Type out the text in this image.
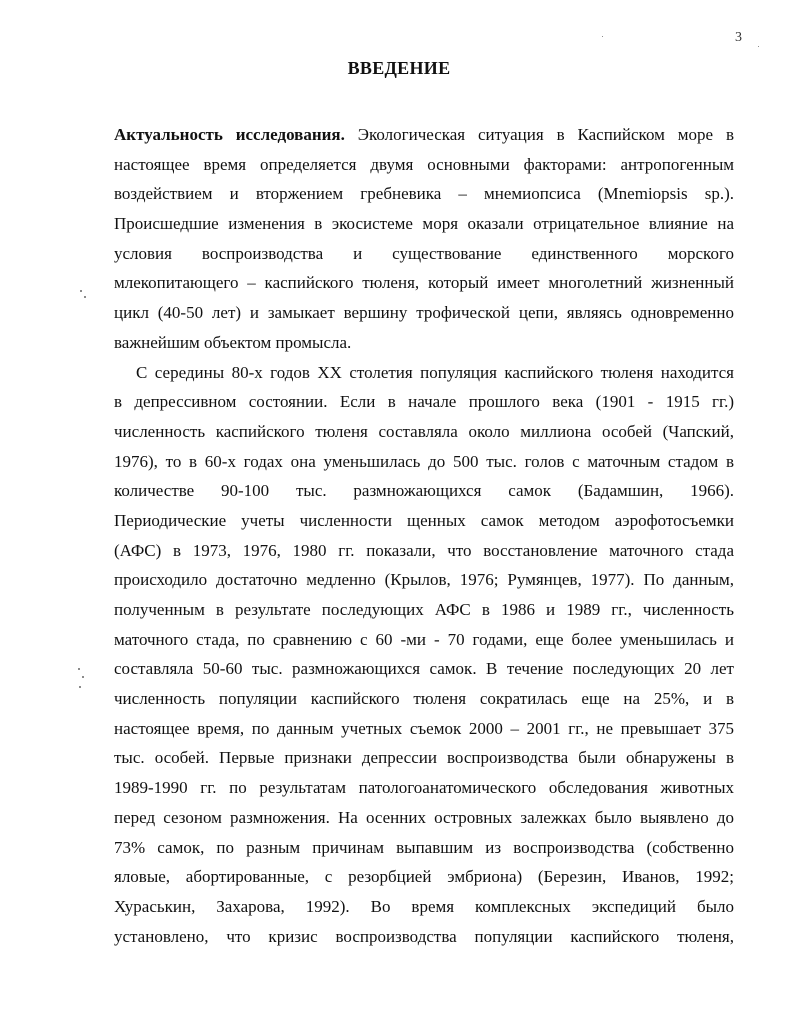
3
ВВЕДЕНИЕ
Актуальность исследования. Экологическая ситуация в Каспийском море в
настоящее время определяется двумя основными факторами: антропогенным
воздействием и вторжением гребневика – мнемиопсиса (Mnemiopsis sp.).
Происшедшие изменения в экосистеме моря оказали отрицательное влияние на
условия воспроизводства и существование единственного морского
млекопитающего – каспийского тюленя, который имеет многолетний жизненный
цикл (40-50 лет) и замыкает вершину трофической цепи, являясь одновременно
важнейшим объектом промысла.
С середины 80-х годов XX столетия популяция каспийского тюленя находится
в депрессивном состоянии. Если в начале прошлого века (1901 - 1915 гг.)
численность каспийского тюленя составляла около миллиона особей (Чапский,
1976), то в 60-х годах она уменьшилась до 500 тыс. голов с маточным стадом в
количестве 90-100 тыс. размножающихся самок (Бадамшин, 1966).
Периодические учеты численности щенных самок методом аэрофотосъемки
(АФС) в 1973, 1976, 1980 гг. показали, что восстановление маточного стада
происходило достаточно медленно (Крылов, 1976; Румянцев, 1977). По данным,
полученным в результате последующих АФС в 1986 и 1989 гг., численность
маточного стада, по сравнению с 60 -ми - 70 годами, еще более уменьшилась и
составляла 50-60 тыс. размножающихся самок. В течение последующих 20 лет
численность популяции каспийского тюленя сократилась еще на 25%, и в
настоящее время, по данным учетных съемок 2000 – 2001 гг., не превышает 375
тыс. особей. Первые признаки депрессии воспроизводства были обнаружены в
1989-1990 гг. по результатам патологоанатомического обследования животных
перед сезоном размножения. На осенних островных залежках было выявлено до
73% самок, по разным причинам выпавшим из воспроизводства (собственно
яловые, абортированные, с резорбцией эмбриона) (Березин, Иванов, 1992;
Хураськин, Захарова, 1992). Во время комплексных экспедиций было
установлено, что кризис воспроизводства популяции каспийского тюленя,
